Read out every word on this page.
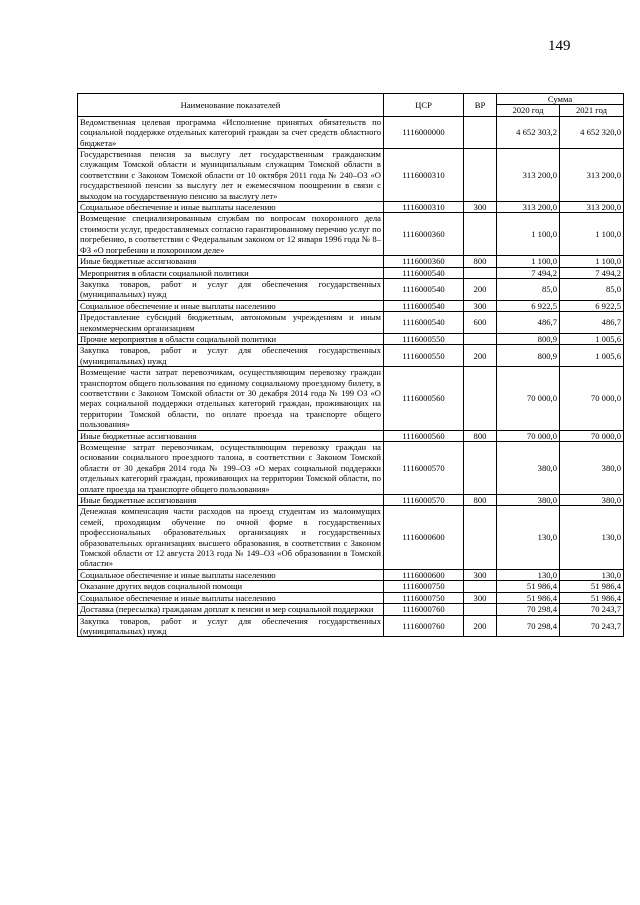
149
Наименование показателей	ЦСР	ВР	Сумма	
			2020 год	2021 год
Ведомственная целевая программа «Исполнение принятых обязательств по социальной поддержке отдельных категорий граждан за счет средств областного бюджета»	1116000000		4 652 303,2	4 652 320,0
Государственная пенсия за выслугу лет государственным гражданским служащим Томской области и муниципальным служащим Томской области в соответствии с Законом Томской области от 10 октября 2011 года № 240–ОЗ «О государственной пенсии за выслугу лет и ежемесячном поощрении в связи с выходом на государственную пенсию за выслугу лет»	1116000310		313 200,0	313 200,0
Социальное обеспечение и иные выплаты населению	1116000310	300	313 200,0	313 200,0
Возмещение специализированным службам по вопросам похоронного дела стоимости услуг, предоставляемых согласно гарантированному перечню услуг по погребению, в соответствии с Федеральным законом от 12 января 1996 года № 8–ФЗ «О погребении и похоронном деле»	1116000360		1 100,0	1 100,0
Иные бюджетные ассигнования	1116000360	800	1 100,0	1 100,0
Мероприятия в области социальной политики	1116000540		7 494,2	7 494,2
Закупка товаров, работ и услуг для обеспечения государственных (муниципальных) нужд	1116000540	200	85,0	85,0
Социальное обеспечение и иные выплаты населению	1116000540	300	6 922,5	6 922,5
Предоставление субсидий бюджетным, автономным учреждениям и иным некоммерческим организациям	1116000540	600	486,7	486,7
Прочие мероприятия в области социальной политики	1116000550		800,9	1 005,6
Закупка товаров, работ и услуг для обеспечения государственных (муниципальных) нужд	1116000550	200	800,9	1 005,6
Возмещение части затрат перевозчикам, осуществляющим перевозку граждан транспортом общего пользования по единому социальному проездному билету, в соответствии с Законом Томской области от 30 декабря 2014 года № 199 ОЗ «О мерах социальной поддержки отдельных категорий граждан, проживающих на территории Томской области, по оплате проезда на транспорте общего пользования»	1116000560		70 000,0	70 000,0
Иные бюджетные ассигнования	1116000560	800	70 000,0	70 000,0
Возмещение затрат перевозчикам, осуществляющим перевозку граждан на основании социального проездного талона, в соответствии с Законом Томской области от 30 декабря 2014 года № 199–ОЗ «О мерах социальной поддержки отдельных категорий граждан, проживающих на территории Томской области, по оплате проезда на транспорте общего пользования»	1116000570		380,0	380,0
Иные бюджетные ассигнования	1116000570	800	380,0	380,0
Денежная компенсация части расходов на проезд студентам из малоимущих семей, проходящим обучение по очной форме в государственных профессиональных образовательных организациях и государственных образовательных организациях высшего образования, в соответствии с Законом Томской области от 12 августа 2013 года № 149–ОЗ «Об образовании в Томской области»	1116000600		130,0	130,0
Социальное обеспечение и иные выплаты населению	1116000600	300	130,0	130,0
Оказание других видов социальной помощи	1116000750		51 986,4	51 986,4
Социальное обеспечение и иные выплаты населению	1116000750	300	51 986,4	51 986,4
Доставка (пересылка) гражданам доплат к пенсии и мер социальной поддержки	1116000760		70 298,4	70 243,7
Закупка товаров, работ и услуг для обеспечения государственных (муниципальных) нужд	1116000760	200	70 298,4	70 243,7
